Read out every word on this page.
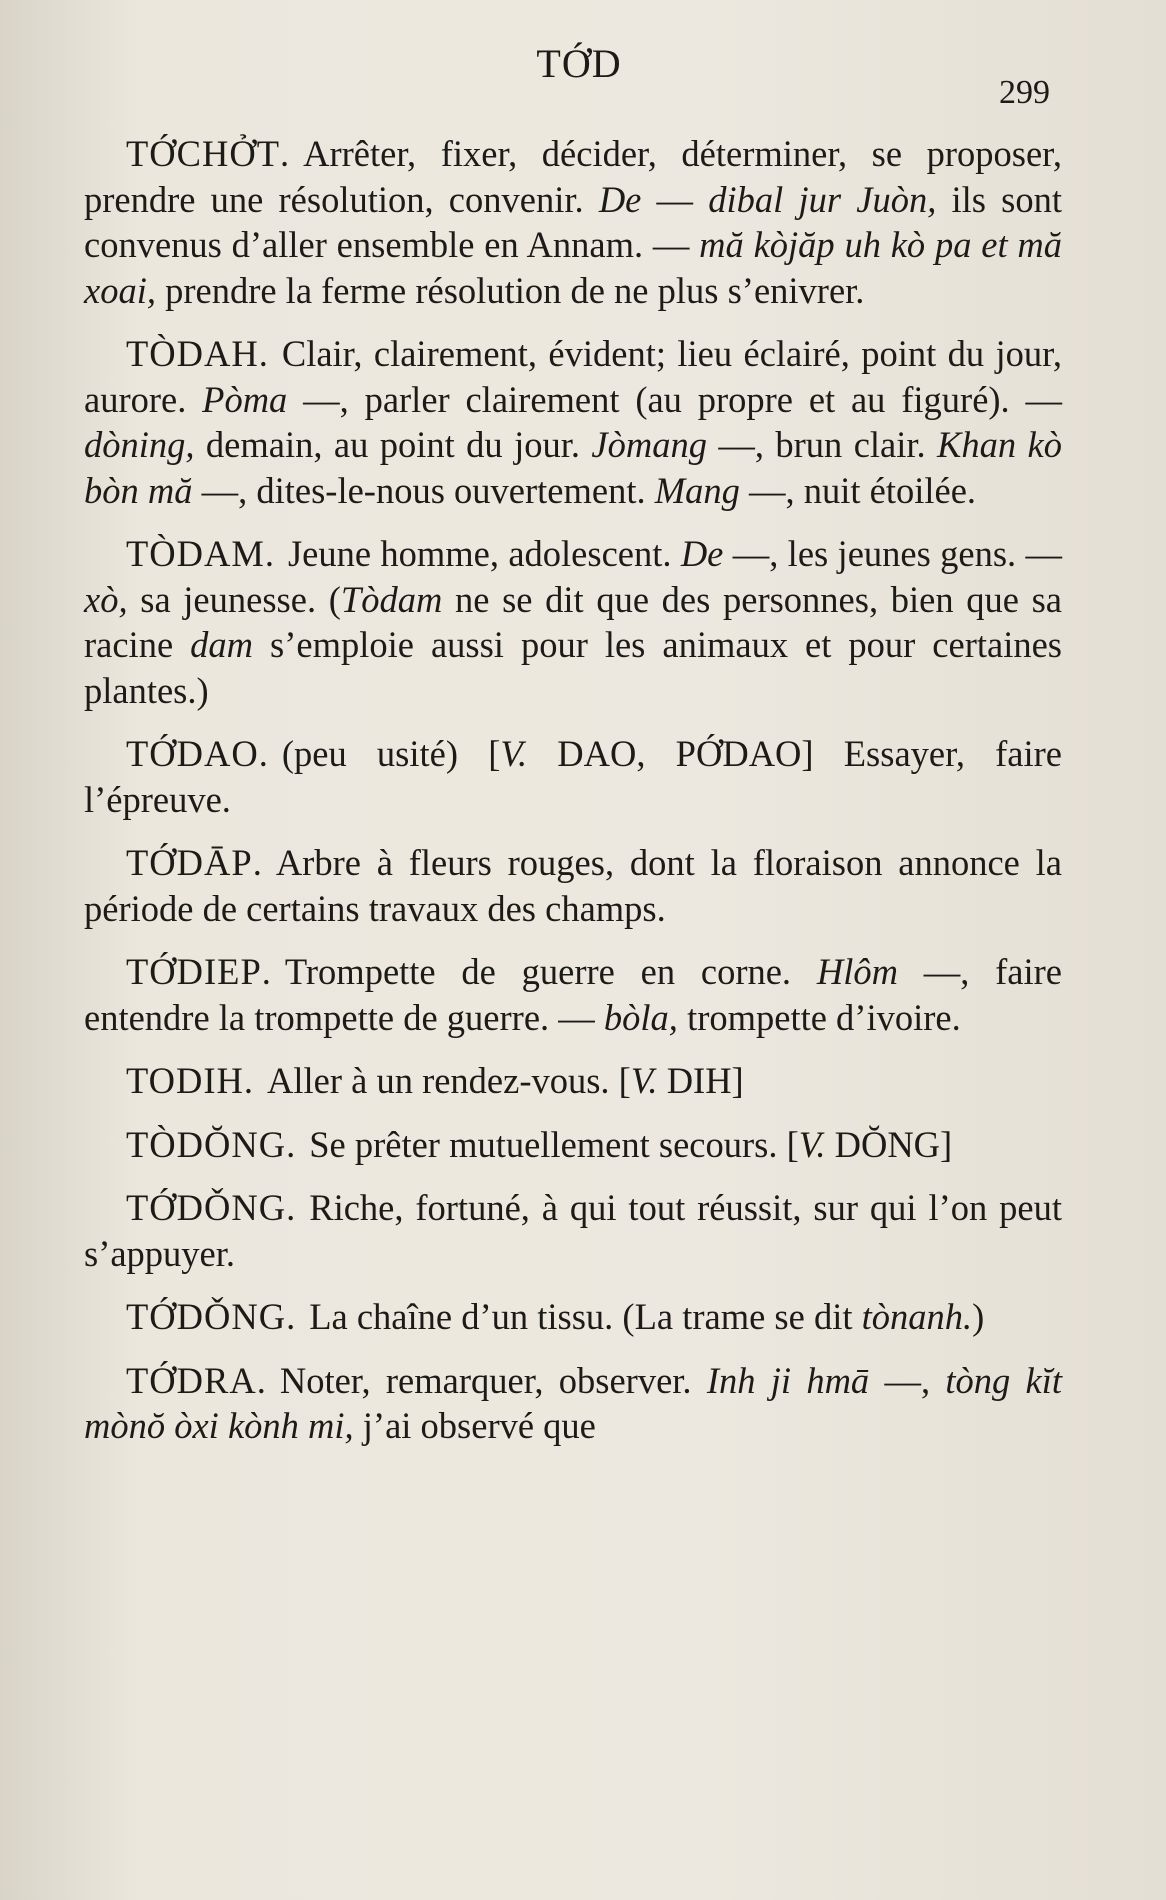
TỚD
299

TỚCHỞT. Arrêter, fixer, décider, déterminer, se proposer, prendre une résolution, convenir. De — dibal jur Juòn, ils sont convenus d’aller ensemble en Annam. — mă kòjăp uh kò pa et mă xoai, prendre la ferme résolution de ne plus s’enivrer.

TÒDAH. Clair, clairement, évident; lieu éclairé, point du jour, aurore. Pòma —, parler clairement (au propre et au figuré). — dòning, demain, au point du jour. Jòmang —, brun clair. Khan kò bòn mă —, dites-le-nous ouvertement. Mang —, nuit étoilée.

TÒDAM. Jeune homme, adolescent. De —, les jeunes gens. — xò, sa jeunesse. (Tòdam ne se dit que des personnes, bien que sa racine dam s’emploie aussi pour les animaux et pour certaines plantes.)

TỚDAO. (peu usité) [V. DAO, PỚDAO] Essayer, faire l’épreuve.

TỚDĀP. Arbre à fleurs rouges, dont la floraison annonce la période de certains travaux des champs.

TỚDIEP. Trompette de guerre en corne. Hlôm —, faire entendre la trompette de guerre. — bòla, trompette d’ivoire.

TODIH. Aller à un rendez-vous. [V. DIH]

TÒDŎNG. Se prêter mutuellement secours. [V. DŎNG]

TỚDǑNG. Riche, fortuné, à qui tout réussit, sur qui l’on peut s’appuyer.

TỚDǑNG. La chaîne d’un tissu. (La trame se dit tònanh.)

TỚDRA. Noter, remarquer, observer. Inh ji hmā —, tòng kĭt mònŏ òxi kònh mi, j’ai observé que
